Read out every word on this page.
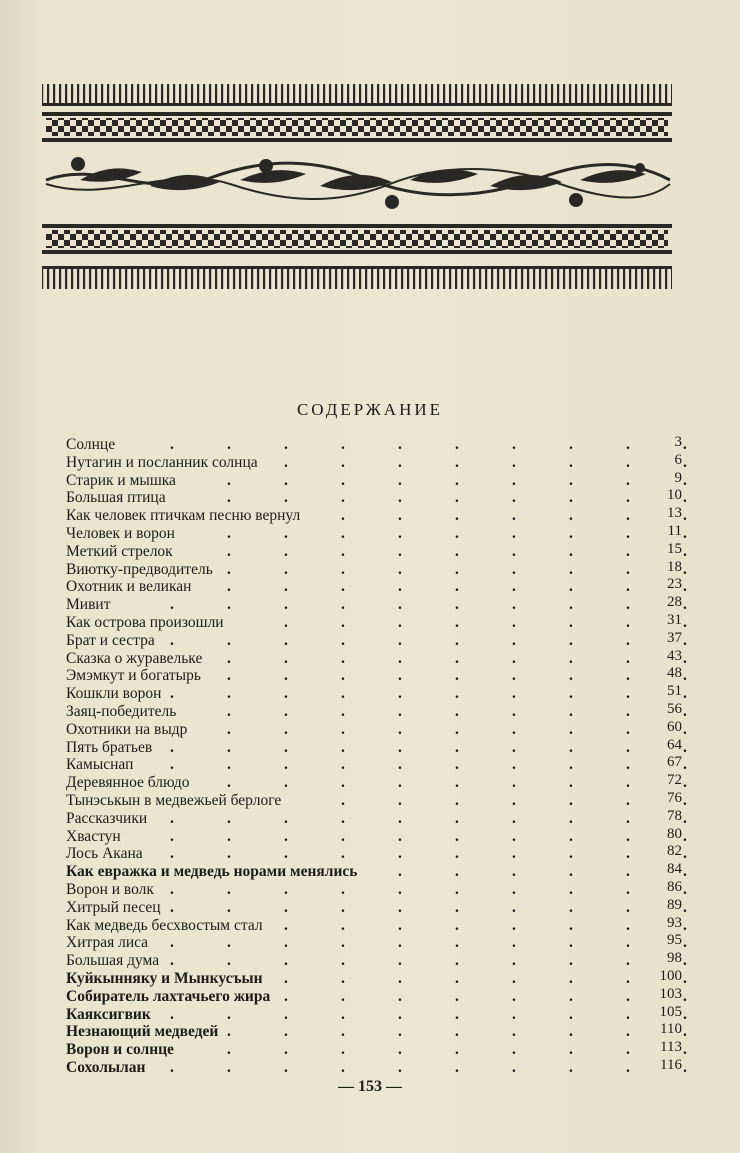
СОДЕРЖАНИЕ
.	.	.	.	.	.	.	.	.	.
Солнце	3
.	.	.	.	.	.	.	.
Нутагин и посланник солнца	6
.	.	.	.	.	.	.	.	.
Старик и мышка	9
.	.	.	.	.	.	.	.	.
Большая птица	10
.	.	.	.	.	.	.
Как человек птичкам песню вернул	13
.	.	.	.	.	.	.	.	.
Человек и ворон	11
.	.	.	.	.	.	.	.	.
Меткий стрелок	15
.	.	.	.	.	.	.	.	.
Виютку-предводитель	18
.	.	.	.	.	.	.	.	.
Охотник и великан	23
.	.	.	.	.	.	.	.	.	.
Мивит	28
.	.	.	.	.	.	.	.
Как острова произошли	31
.	.	.	.	.	.	.	.	.	.
Брат и сестра	37
.	.	.	.	.	.	.	.	.
Сказка о журавельке	43
.	.	.	.	.	.	.	.	.
Эмэмкут и богатырь	48
.	.	.	.	.	.	.	.	.	.
Кошкли ворон	51
.	.	.	.	.	.	.	.	.
Заяц-победитель	56
.	.	.	.	.	.	.	.	.
Охотники на выдр	60
.	.	.	.	.	.	.	.	.	.
Пять братьев	64
.	.	.	.	.	.	.	.	.	.
Камыснап	67
.	.	.	.	.	.	.	.	.
Деревянное блюдо	72
.	.	.	.	.	.	.
Тынэськын в медвежьей берлоге	76
.	.	.	.	.	.	.	.	.	.
Рассказчики	78
.	.	.	.	.	.	.	.	.	.
Хвастун	80
.	.	.	.	.	.	.	.	.	.
Лось Акана	82
.	.	.	.	.	.
Как евражка и медведь норами менялись	84
.	.	.	.	.	.	.	.	.	.
Ворон и волк	86
.	.	.	.	.	.	.	.	.	.
Хитрый песец	89
.	.	.	.	.	.	.	.
Как медведь бесхвостым стал	93
.	.	.	.	.	.	.	.	.	.
Хитрая лиса	95
.	.	.	.	.	.	.	.	.	.
Большая дума	98
.	.	.	.	.	.	.	.
Куйкынняку и Мынкусъын	100
.	.	.	.	.	.	.	.
Собиратель лахтачьего жира	103
.	.	.	.	.	.	.	.	.	.
Каяксигвик	105
.	.	.	.	.	.	.	.	.
Незнающий медведей	110
.	.	.	.	.	.	.	.	.
Ворон и солнце	113
.	.	.	.	.	.	.	.	.	.
Сохолылан	116
— 153 —
